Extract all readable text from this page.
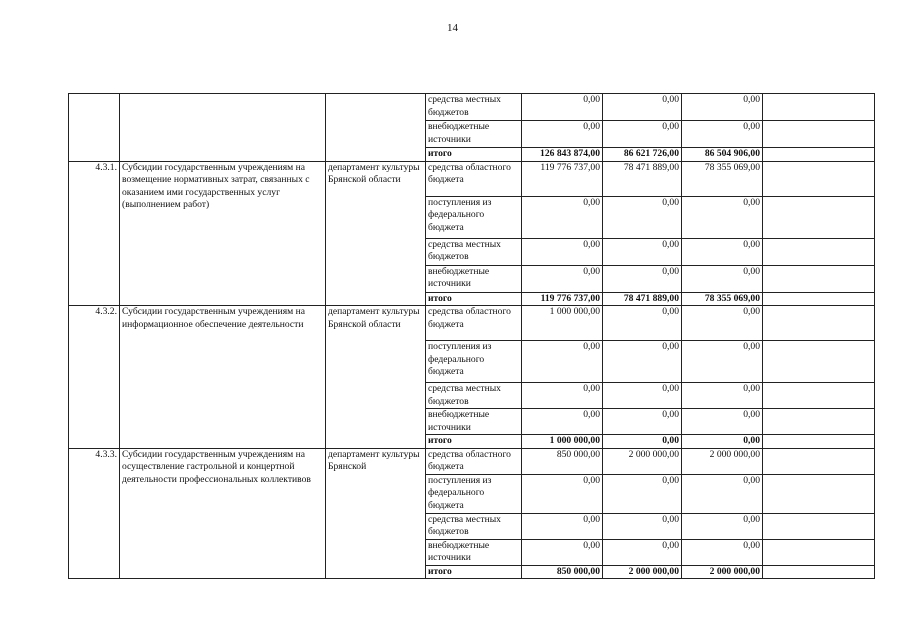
14
			средства местных бюджетов	0,00	0,00	0,00	
			внебюджетные источники	0,00	0,00	0,00	
			итого	126 843 874,00	86 621 726,00	86 504 906,00	
4.3.1.	Субсидии государственным учреждениям на возмещение нормативных затрат, связанных с оказанием ими государственных услуг (выполнением работ)	департамент культуры Брянской области	средства областного бюджета	119 776 737,00	78 471 889,00	78 355 069,00	
			поступления из федерального бюджета	0,00	0,00	0,00	
			средства местных бюджетов	0,00	0,00	0,00	
			внебюджетные источники	0,00	0,00	0,00	
			итого	119 776 737,00	78 471 889,00	78 355 069,00	
4.3.2.	Субсидии государственным учреждениям на информационное обеспечение деятельности	департамент культуры Брянской области	средства областного бюджета	1 000 000,00	0,00	0,00	
			поступления из федерального бюджета	0,00	0,00	0,00	
			средства местных бюджетов	0,00	0,00	0,00	
			внебюджетные источники	0,00	0,00	0,00	
			итого	1 000 000,00	0,00	0,00	
4.3.3.	Субсидии государственным учреждениям на осуществление гастрольной и концертной деятельности профессиональных коллективов	департамент культуры Брянской	средства областного бюджета	850 000,00	2 000 000,00	2 000 000,00	
			поступления из федерального бюджета	0,00	0,00	0,00	
			средства местных бюджетов	0,00	0,00	0,00	
			внебюджетные источники	0,00	0,00	0,00	
			итого	850 000,00	2 000 000,00	2 000 000,00	
